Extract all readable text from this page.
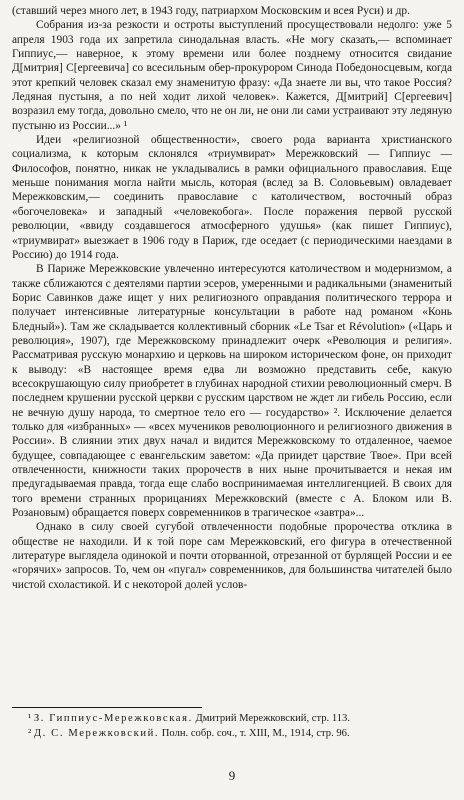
(ставший через много лет, в 1943 году, патриархом Московским и всея Руси) и др.

Собрания из-за резкости и остроты выступлений просуществовали недолго: уже 5 апреля 1903 года их запретила синодальная власть. «Не могу сказать,— вспоминает Гиппиус,— наверное, к этому времени или более позднему относится свидание Д[митрия] С[ергеевича] со всесильным обер-прокурором Синода Победоносцевым, когда этот крепкий человек сказал ему знаменитую фразу: «Да знаете ли вы, что такое Россия? Ледяная пустыня, а по ней ходит лихой человек». Кажется, Д[митрий] С[ергеевич] возразил ему тогда, довольно смело, что не он ли, не они ли сами устраивают эту ледяную пустыню из России...» ¹

Идеи «религиозной общественности», своего рода варианта христианского социализма, к которым склонялся «триумвират» Мережковский — Гиппиус — Философов, понятно, никак не укладывались в рамки официального православия. Еще меньше понимания могла найти мысль, которая (вслед за В. Соловьевым) овладевает Мережковским,— соединить православие с католичеством, восточный образ «богочеловека» и западный «человекобога». После поражения первой русской революции, «ввиду создавшегося атмосферного удушья» (как пишет Гиппиус), «триумвират» выезжает в 1906 году в Париж, где оседает (с периодическими наездами в Россию) до 1914 года.

В Париже Мережковские увлеченно интересуются католичеством и модернизмом, а также сближаются с деятелями партии эсеров, умеренными и радикальными (знаменитый Борис Савинков даже ищет у них религиозного оправдания политического террора и получает интенсивные литературные консультации в работе над романом «Конь Бледный»). Там же складывается коллективный сборник «Le Tsar et Révolution» («Царь и революция», 1907), где Мережковскому принадлежит очерк «Революция и религия». Рассматривая русскую монархию и церковь на широком историческом фоне, он приходит к выводу: «В настоящее время едва ли возможно представить себе, какую всесокрушающую силу приобретет в глубинах народной стихии революционный смерч. В последнем крушении русской церкви с русским царством не ждет ли гибель Россию, если не вечную душу народа, то смертное тело его — государство» ². Исключение делается только для «избранных» — «всех мучеников революционного и религиозного движения в России». В слиянии этих двух начал и видится Мережковскому то отдаленное, чаемое будущее, совпадающее с евангельским заветом: «Да приидет царствие Твое». При всей отвлеченности, книжности таких пророчеств в них ныне прочитывается и некая им предугадываемая правда, тогда еще слабо воспринимаемая интеллигенцией. В своих для того времени странных прорицаниях Мережковский (вместе с А. Блоком или В. Розановым) обращается поверх современников в трагическое «завтра»...

Однако в силу своей сугубой отвлеченности подобные пророчества отклика в обществе не находили. И к той поре сам Мережковский, его фигура в отечественной литературе выглядела одинокой и почти оторванной, отрезанной от бурлящей России и ее «горячих» запросов. То, чем он «пугал» современников, для большинства читателей было чистой схоластикой. И с некоторой долей услов-

¹ З. Гиппиус-Мережковская. Дмитрий Мережковский, стр. 113.

² Д. С. Мережковский. Полн. собр. соч., т. XIII, М., 1914, стр. 96.

9
